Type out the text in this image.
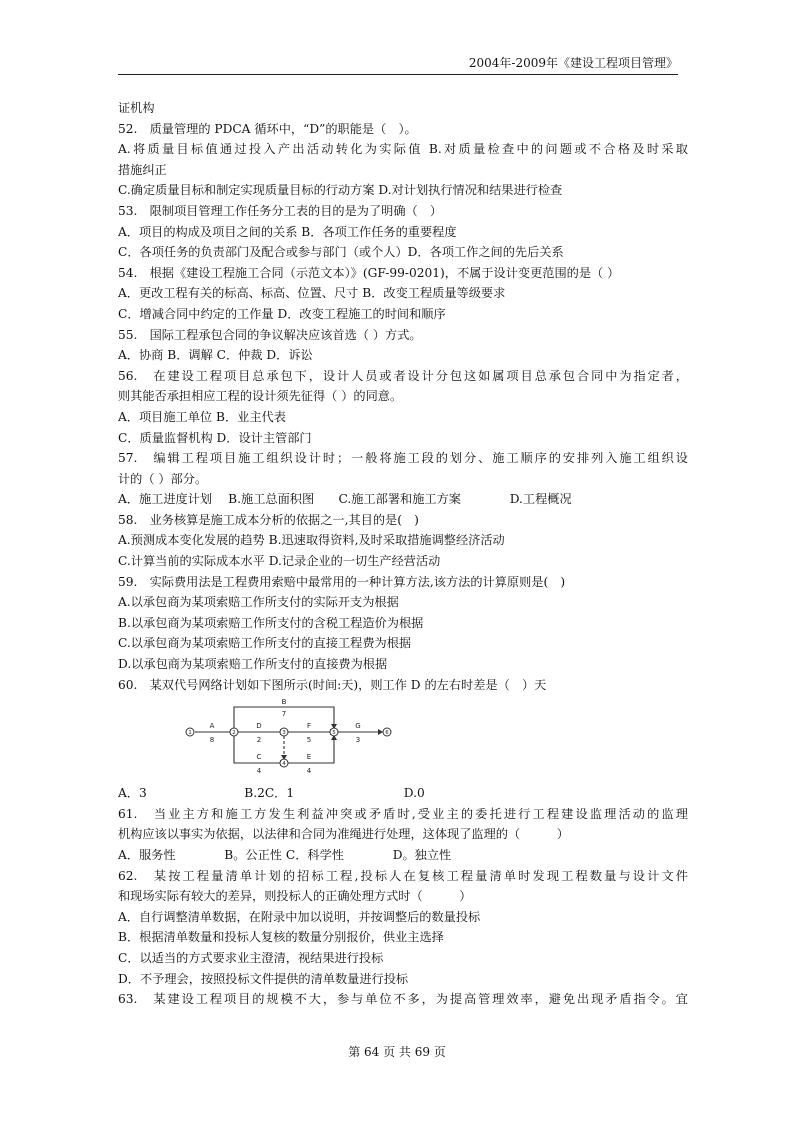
2004年-2009年《建设工程项目管理》
证机构
52.　质量管理的 PDCA 循环中，“D”的职能是（　）。
A.将质量目标值通过投入产出活动转化为实际值 B.对质量检查中的问题或不合格及时采取
措施纠正
C.确定质量目标和制定实现质量目标的行动方案 D.对计划执行情况和结果进行检查
53.　限制项目管理工作任务分工表的目的是为了明确（　）
A．项目的构成及项目之间的关系 B．各项工作任务的重要程度
C．各项任务的负责部门及配合或参与部门（或个人）D．各项工作之间的先后关系
54.　根据《建设工程施工合同（示范文本）》(GF-99-0201)，不属于设计变更范围的是（ ）
A．更改工程有关的标高、标高、位置、尺寸 B．改变工程质量等级要求
C．增减合同中约定的工作量 D．改变工程施工的时间和顺序
55.　国际工程承包合同的争议解决应该首选（ ）方式。
A．协商 B．调解 C．仲裁 D．诉讼
56.　在建设工程项目总承包下，设计人员或者设计分包这如属项目总承包合同中为指定者，
则其能否承担相应工程的设计须先征得（ ）的同意。
A．项目施工单位 B．业主代表
C．质量监督机构 D．设计主管部门
57.　编辑工程项目施工组织设计时；一般将施工段的划分、施工顺序的安排列入施工组织设
计的（ ）部分。
A．施工进度计划　 B.施工总面积图　　C.施工部署和施工方案　　　　D.工程概况
58.　业务核算是施工成本分析的依据之一,其目的是(　)
A.预测成本变化发展的趋势 B.迅速取得资料,及时采取措施调整经济活动
C.计算当前的实际成本水平 D.记录企业的一切生产经营活动
59.　实际费用法是工程费用索赔中最常用的一种计算方法,该方法的计算原则是(　)
A.以承包商为某项索赔工作所支付的实际开支为根据
B.以承包商为某项索赔工作所支付的含税工程造价为根据
C.以承包商为某项索赔工作所支付的直接工程费为根据
D.以承包商为某项索赔工作所支付的直接费为根据
60.　某双代号网络计划如下图所示(时间:天)，则工作 D 的左右时差是（　）天
1	2	3
4
5	6
A
8
B
7
D
2
F
5
G
3
C
4
E
4
A．3　　　　　　　　B.2C．1　　　　　　　　　D.0
61.　当业主方和施工方发生利益冲突或矛盾时,受业主的委托进行工程建设监理活动的监理
机构应该以事实为依据，以法律和合同为准绳进行处理，这体现了监理的（　　　）
A．服务性　　　　B。公正性 C．科学性　　　　D。独立性
62.　某按工程量清单计划的招标工程,投标人在复核工程量清单时发现工程数量与设计文件
和现场实际有较大的差异，则投标人的正确处理方式时（　　　）
A．自行调整清单数据，在附录中加以说明，并按调整后的数量投标
B．根据清单数量和投标人复核的数量分别报价，供业主选择
C．以适当的方式要求业主澄清，视结果进行投标
D．不予理会，按照投标文件提供的清单数量进行投标
63.　某建设工程项目的规模不大，参与单位不多，为提高管理效率，避免出现矛盾指令。宜
第 64 页 共 69 页
